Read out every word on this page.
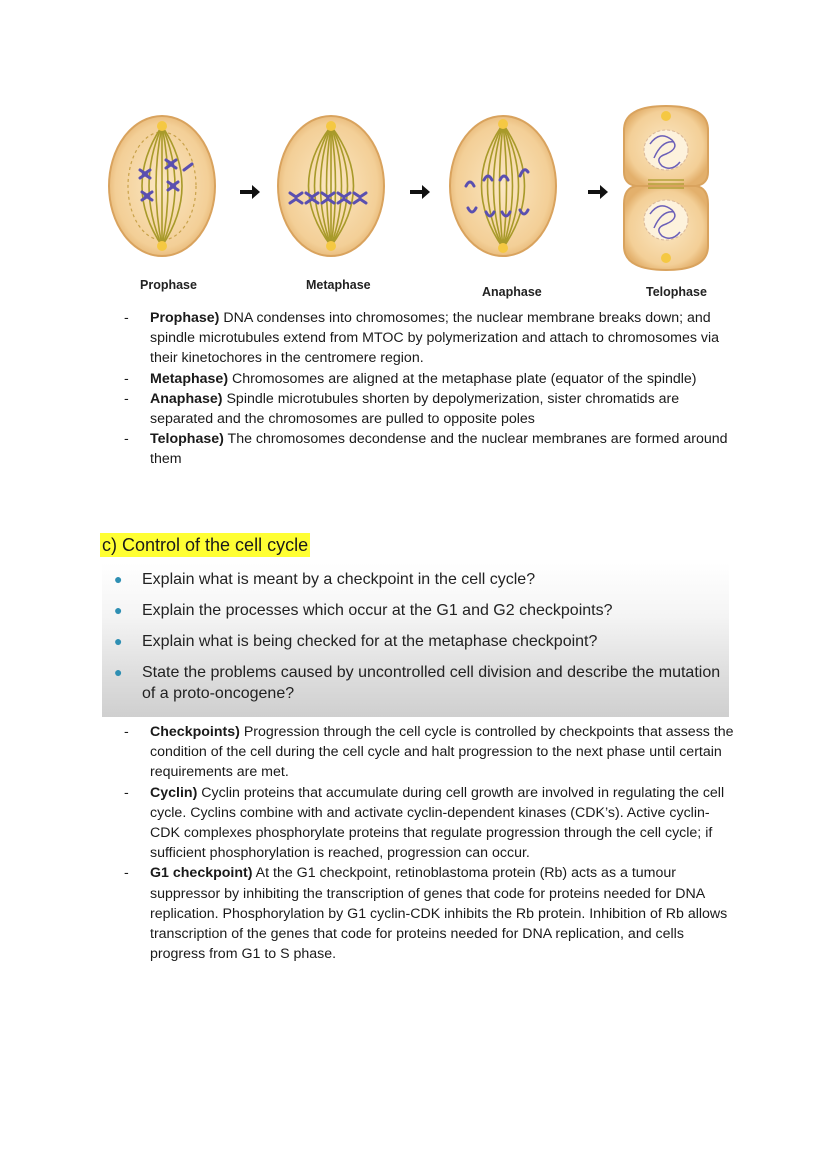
Prophase	Metaphase	Anaphase	Telophase
-	Prophase) DNA condenses into chromosomes; the nuclear membrane breaks down; and spindle microtubules extend from MTOC by polymerization and attach to chromosomes via their kinetochores in the centromere region.
-	Metaphase) Chromosomes are aligned at the metaphase plate (equator of the spindle)
-	Anaphase) Spindle microtubules shorten by depolymerization, sister chromatids are separated and the chromosomes are pulled to opposite poles
-	Telophase) The chromosomes decondense and the nuclear membranes are formed around them
c) Control of the cell cycle
●	Explain what is meant by a checkpoint in the cell cycle?
●	Explain the processes which occur at the G1 and G2 checkpoints?
●	Explain what is being checked for at the metaphase checkpoint?
●	State the problems caused by uncontrolled cell division and describe the mutation of a proto-oncogene?
-	Checkpoints) Progression through the cell cycle is controlled by checkpoints that assess the condition of the cell during the cell cycle and halt progression to the next phase until certain requirements are met.
-	Cyclin) Cyclin proteins that accumulate during cell growth are involved in regulating the cell cycle. Cyclins combine with and activate cyclin-dependent kinases (CDK’s). Active cyclin-CDK complexes phosphorylate proteins that regulate progression through the cell cycle; if sufficient phosphorylation is reached, progression can occur.
-	G1 checkpoint) At the G1 checkpoint, retinoblastoma protein (Rb) acts as a tumour suppressor by inhibiting the transcription of genes that code for proteins needed for DNA replication. Phosphorylation by G1 cyclin-CDK inhibits the Rb protein. Inhibition of Rb allows transcription of the genes that code for proteins needed for DNA replication, and cells progress from G1 to S phase.
